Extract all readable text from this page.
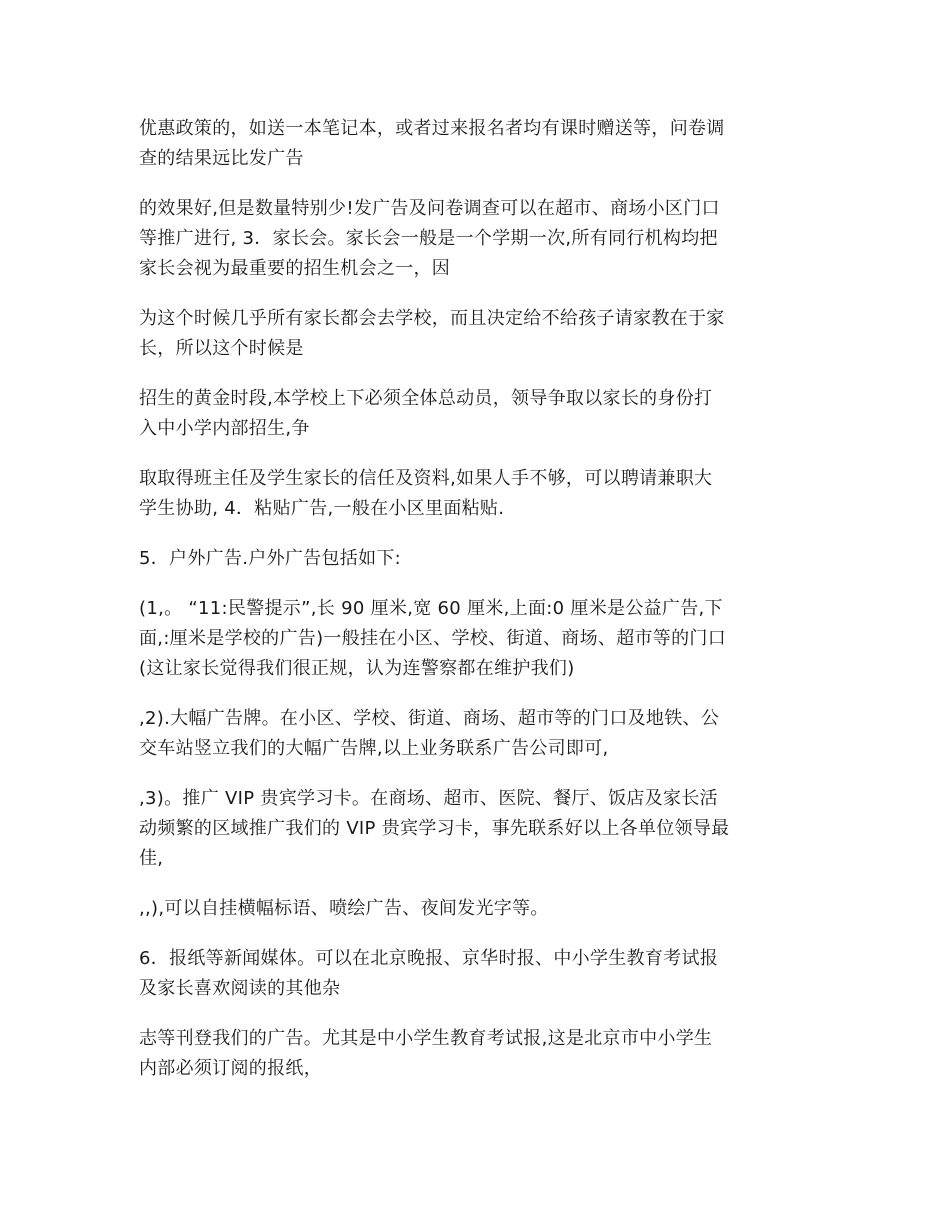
优惠政策的，如送一本笔记本，或者过来报名者均有课时赠送等，问卷调
查的结果远比发广告
的效果好,但是数量特别少!发广告及问卷调查可以在超市、商场小区门口
等推广进行, 3．家长会。家长会一般是一个学期一次,所有同行机构均把
家长会视为最重要的招生机会之一，因
为这个时候几乎所有家长都会去学校，而且决定给不给孩子请家教在于家
长，所以这个时候是
招生的黄金时段,本学校上下必须全体总动员，领导争取以家长的身份打
入中小学内部招生,争
取取得班主任及学生家长的信任及资料,如果人手不够，可以聘请兼职大
学生协助, 4．粘贴广告,一般在小区里面粘贴.
5．户外广告.户外广告包括如下:
(1,。 “11:民警提示”,长 90 厘米,宽 60 厘米,上面:0 厘米是公益广告,下
面,:厘米是学校的广告)一般挂在小区、学校、街道、商场、超市等的门口
(这让家长觉得我们很正规，认为连警察都在维护我们)
,2).大幅广告牌。在小区、学校、街道、商场、超市等的门口及地铁、公
交车站竖立我们的大幅广告牌,以上业务联系广告公司即可,
,3)。推广 VIP 贵宾学习卡。在商场、超市、医院、餐厅、饭店及家长活
动频繁的区域推广我们的 VIP 贵宾学习卡，事先联系好以上各单位领导最
佳,
,,),可以自挂横幅标语、喷绘广告、夜间发光字等。
6．报纸等新闻媒体。可以在北京晚报、京华时报、中小学生教育考试报
及家长喜欢阅读的其他杂
志等刊登我们的广告。尤其是中小学生教育考试报,这是北京市中小学生
内部必须订阅的报纸，
